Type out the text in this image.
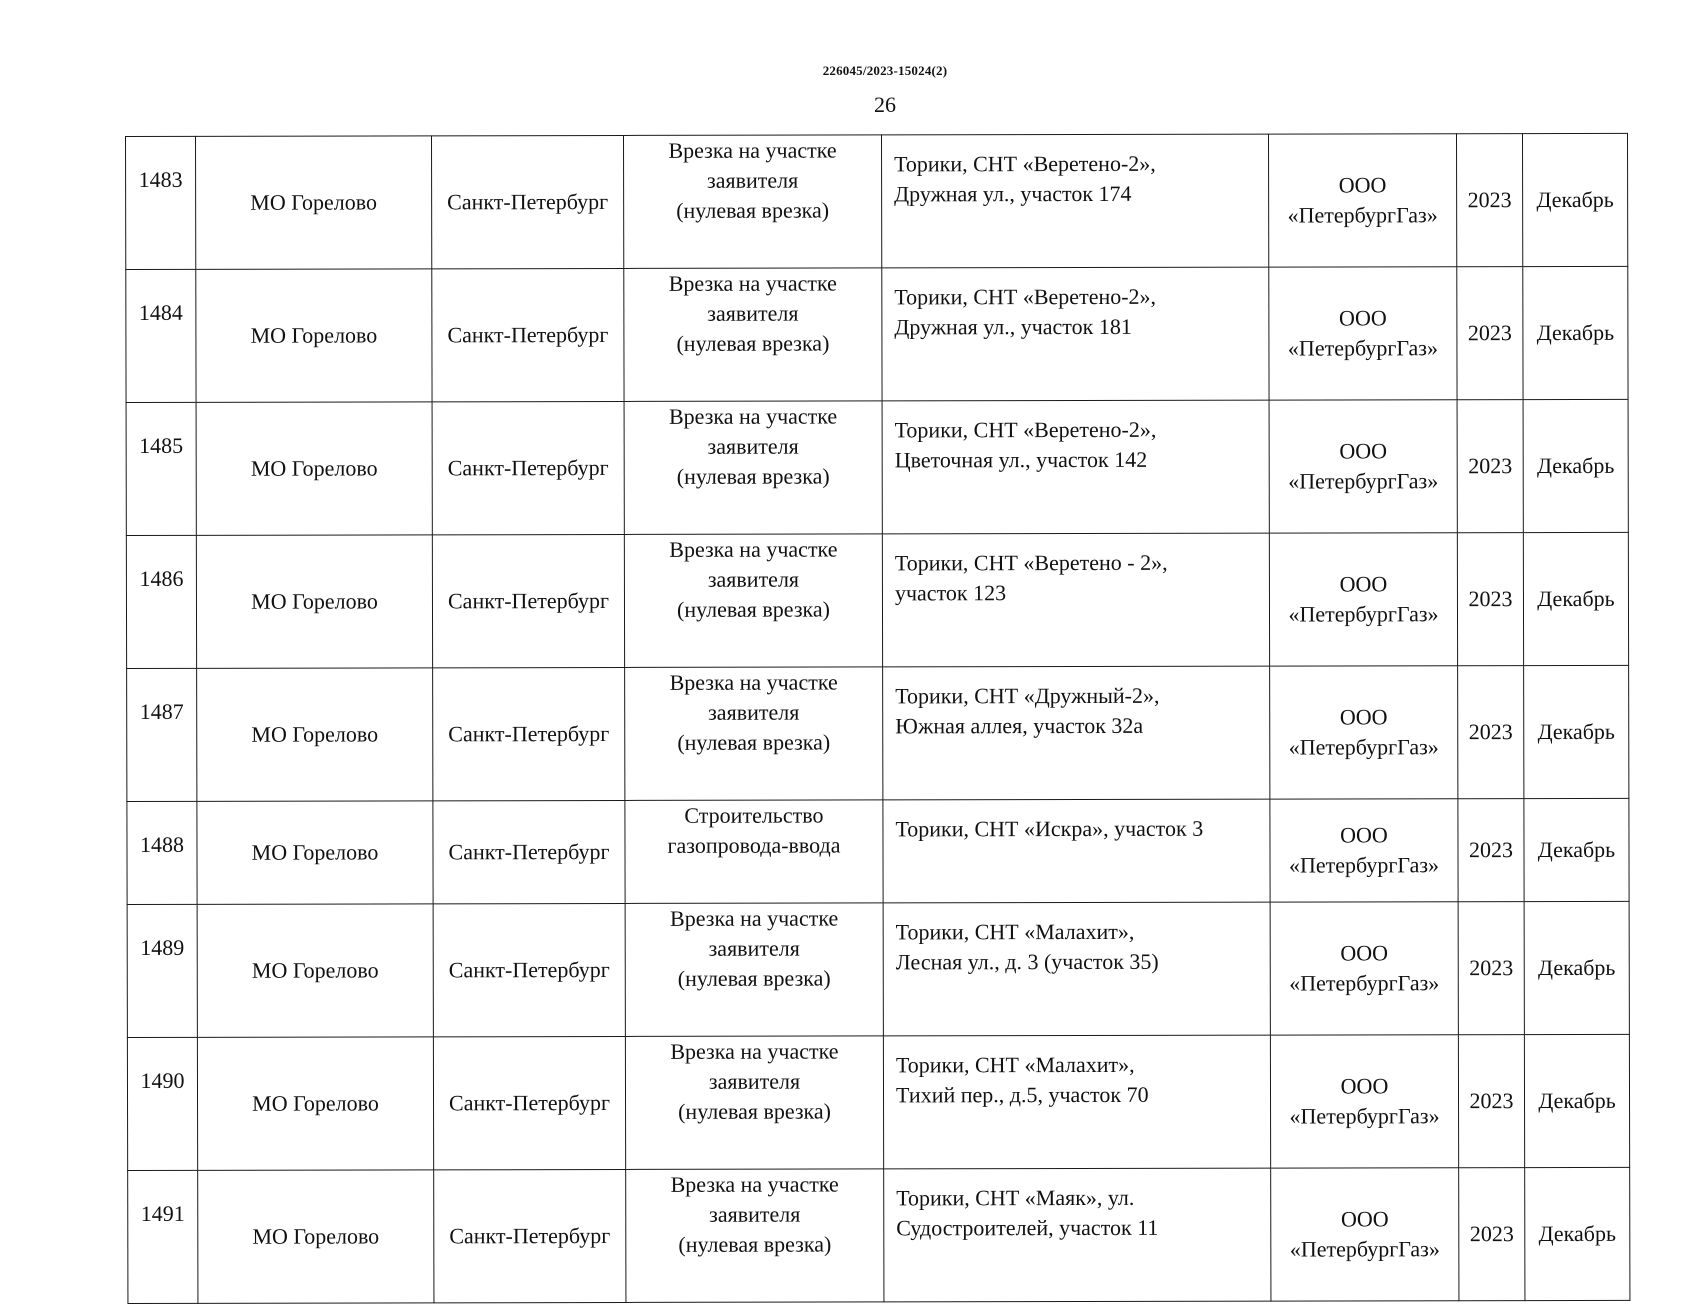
226045/2023-15024(2)
26
1483	МО Горелово	Санкт-Петербург	Врезка на участке
заявителя
(нулевая врезка)	Торики, СНТ «Веретено-2»,
Дружная ул., участок 174	ООО
«ПетербургГаз»	2023	Декабрь
1484	МО Горелово	Санкт-Петербург	Врезка на участке
заявителя
(нулевая врезка)	Торики, СНТ «Веретено-2»,
Дружная ул., участок 181	ООО
«ПетербургГаз»	2023	Декабрь
1485	МО Горелово	Санкт-Петербург	Врезка на участке
заявителя
(нулевая врезка)	Торики, СНТ «Веретено-2»,
Цветочная ул., участок 142	ООО
«ПетербургГаз»	2023	Декабрь
1486	МО Горелово	Санкт-Петербург	Врезка на участке
заявителя
(нулевая врезка)	Торики, СНТ «Веретено - 2»,
участок 123	ООО
«ПетербургГаз»	2023	Декабрь
1487	МО Горелово	Санкт-Петербург	Врезка на участке
заявителя
(нулевая врезка)	Торики, СНТ «Дружный-2»,
Южная аллея, участок 32а	ООО
«ПетербургГаз»	2023	Декабрь
1488	МО Горелово	Санкт-Петербург	Строительство
газопровода-ввода	Торики, СНТ «Искра», участок 3	ООО
«ПетербургГаз»	2023	Декабрь
1489	МО Горелово	Санкт-Петербург	Врезка на участке
заявителя
(нулевая врезка)	Торики, СНТ «Малахит»,
Лесная ул., д. 3 (участок 35)	ООО
«ПетербургГаз»	2023	Декабрь
1490	МО Горелово	Санкт-Петербург	Врезка на участке
заявителя
(нулевая врезка)	Торики, СНТ «Малахит»,
Тихий пер., д.5, участок 70	ООО
«ПетербургГаз»	2023	Декабрь
1491	МО Горелово	Санкт-Петербург	Врезка на участке
заявителя
(нулевая врезка)	Торики, СНТ «Маяк», ул.
Судостроителей, участок 11	ООО
«ПетербургГаз»	2023	Декабрь
